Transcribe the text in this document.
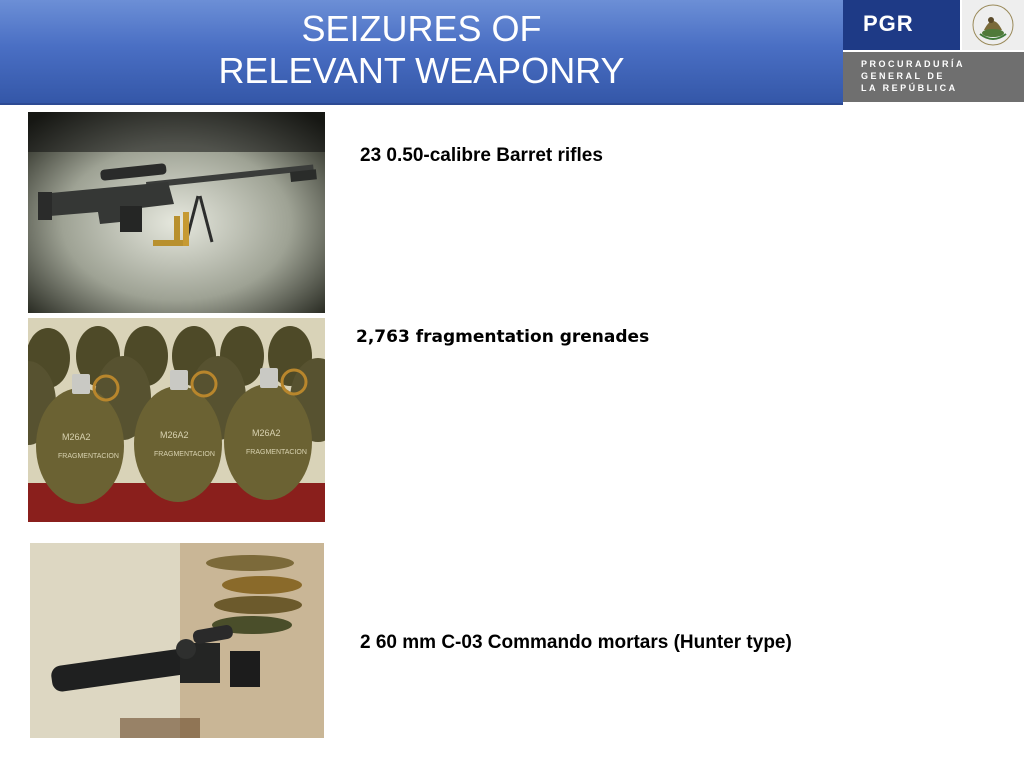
SEIZURES OF
RELEVANT WEAPONRY
PGR
PROCURADURÍA
GENERAL DE
LA REPÚBLICA
M26A2
FRAGMENTACION
M26A2
FRAGMENTACION
M26A2
FRAGMENTACION
23 0.50-calibre Barret rifles
2,763 fragmentation grenades
2 60 mm C-03 Commando mortars (Hunter type)
